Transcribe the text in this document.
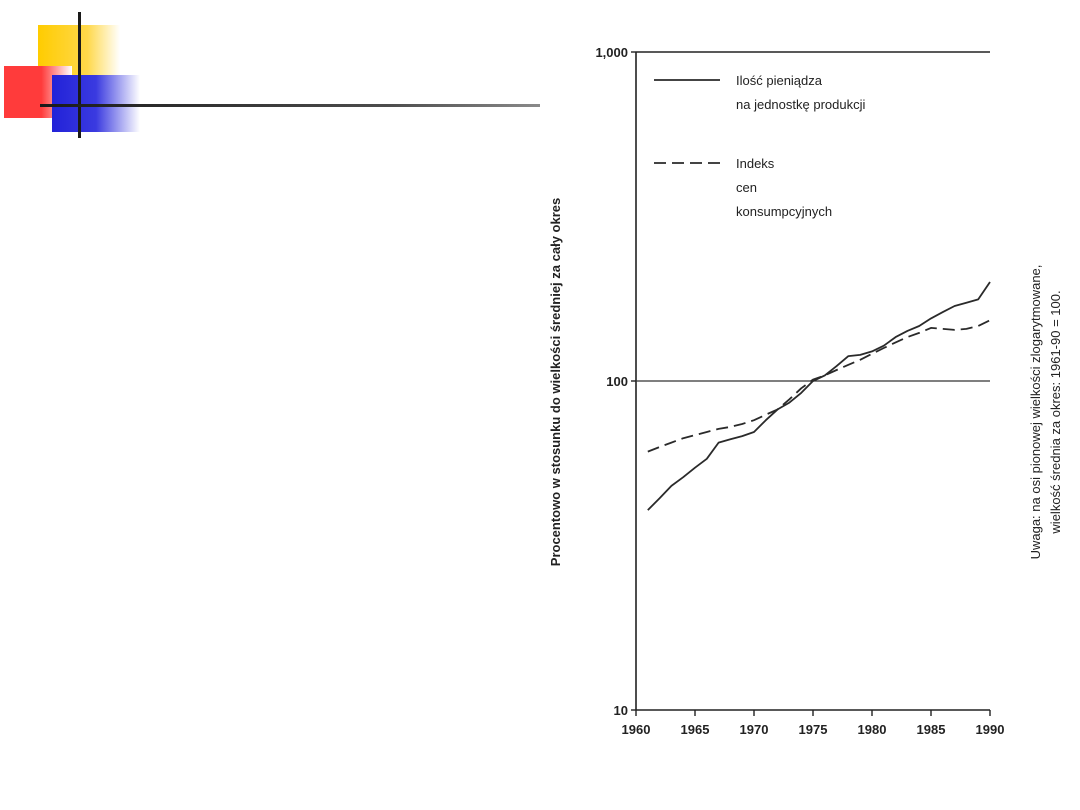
1,000
100
10
1960 1965 1970 1975 1980 1985 1990
Ilość pieniądza
na jednostkę produkcji
Indeks
cen
konsumpcyjnych
Procentowo w stosunku do wielkości średniej za cały okres	Uwaga: na osi pionowej wielkości zlogarytmowane, wielkość średnia za okres: 1961-90 = 100.
